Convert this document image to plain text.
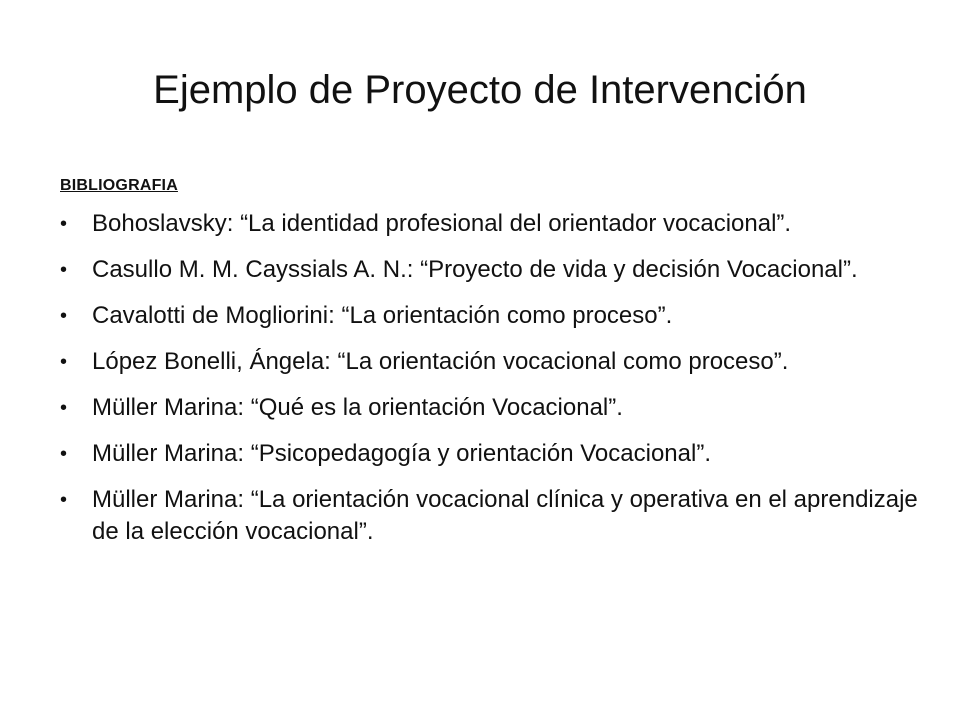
Ejemplo de Proyecto de Intervención
BIBLIOGRAFIA
•	Bohoslavsky: “La identidad profesional del orientador vocacional”.
•	Casullo M. M. Cayssials A. N.: “Proyecto de vida y decisión Vocacional”.
•	Cavalotti de Mogliorini: “La orientación como proceso”.
•	López Bonelli, Ángela: “La orientación vocacional como proceso”.
•	Müller Marina: “Qué es la orientación Vocacional”.
•	Müller Marina: “Psicopedagogía y orientación Vocacional”.
•	Müller Marina: “La orientación vocacional clínica y operativa en el aprendizaje de la elección vocacional”.
